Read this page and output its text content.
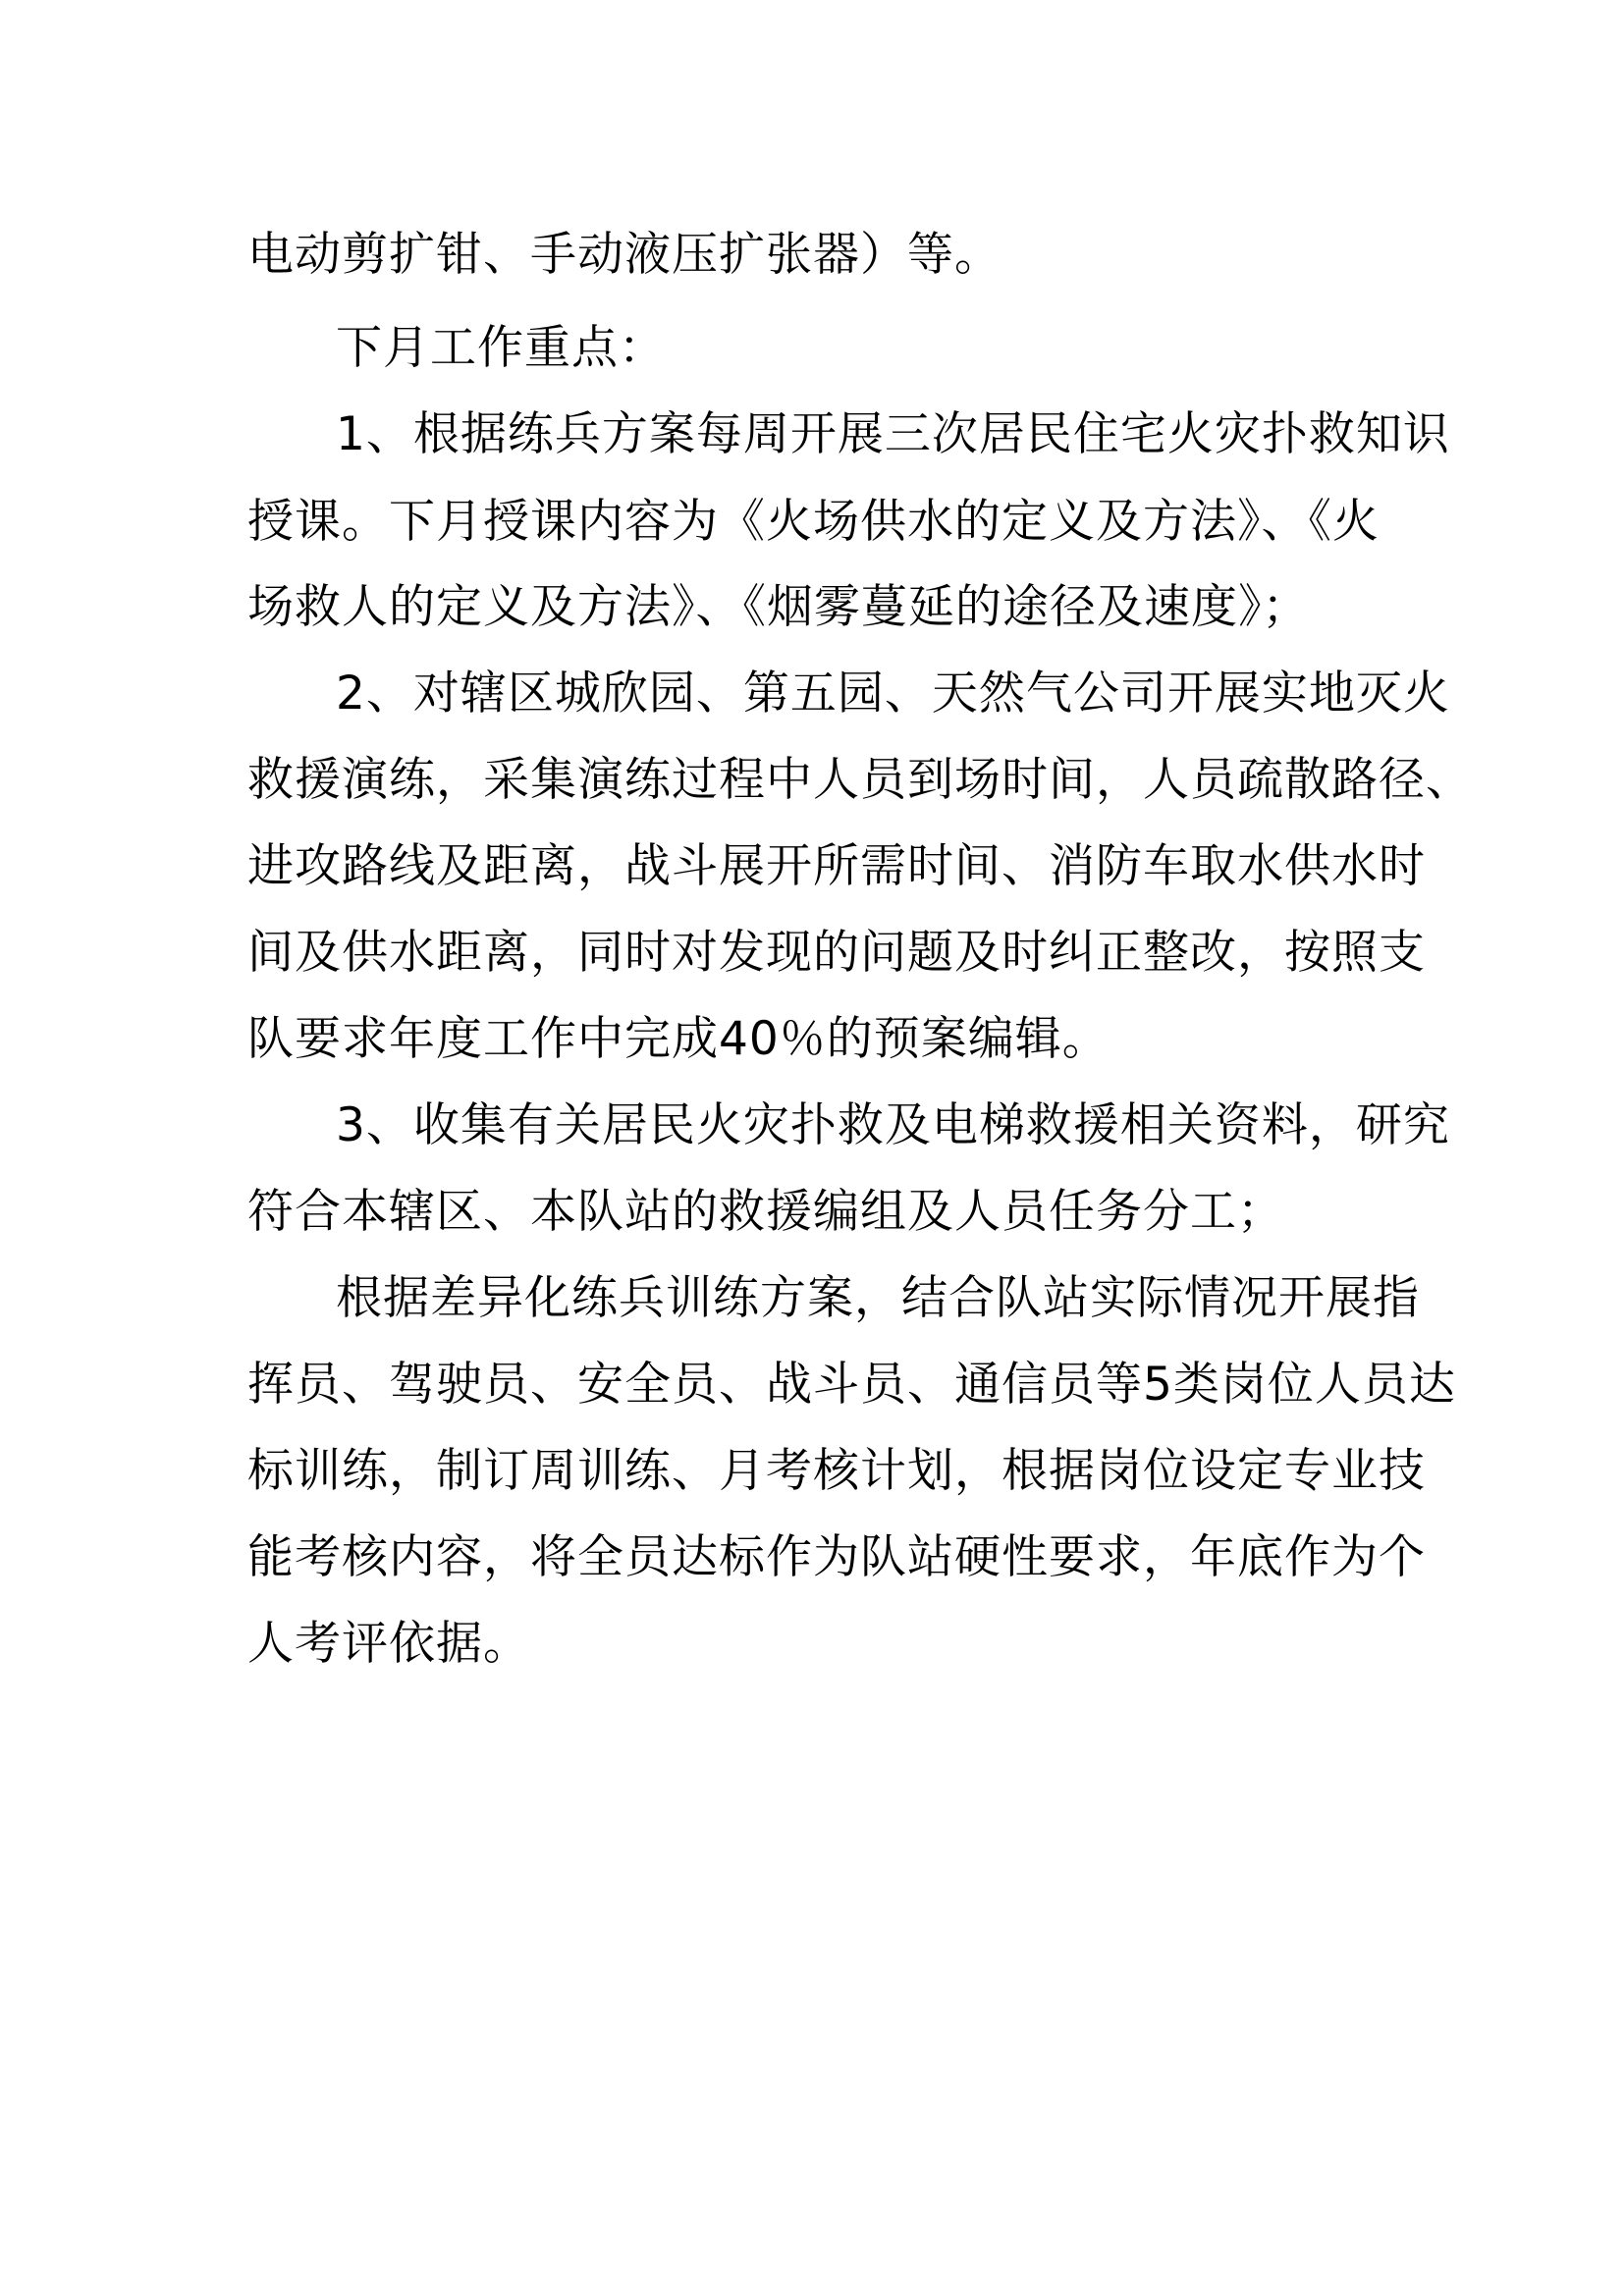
电动剪扩钳、手动液压扩张器）等。

下月工作重点：

1、根据练兵方案每周开展三次居民住宅火灾扑救知识

授课。下月授课内容为《火场供水的定义及方法》、《火

场救人的定义及方法》、《烟雾蔓延的途径及速度》；

2、对辖区城欣园、第五园、天然气公司开展实地灭火

救援演练，采集演练过程中人员到场时间，人员疏散路径、

进攻路线及距离，战斗展开所需时间、消防车取水供水时

间及供水距离，同时对发现的问题及时纠正整改，按照支

队要求年度工作中完成40％的预案编辑。

3、收集有关居民火灾扑救及电梯救援相关资料，研究

符合本辖区、本队站的救援编组及人员任务分工；

根据差异化练兵训练方案，结合队站实际情况开展指

挥员、驾驶员、安全员、战斗员、通信员等5类岗位人员达

标训练，制订周训练、月考核计划，根据岗位设定专业技

能考核内容，将全员达标作为队站硬性要求，年底作为个

人考评依据。
